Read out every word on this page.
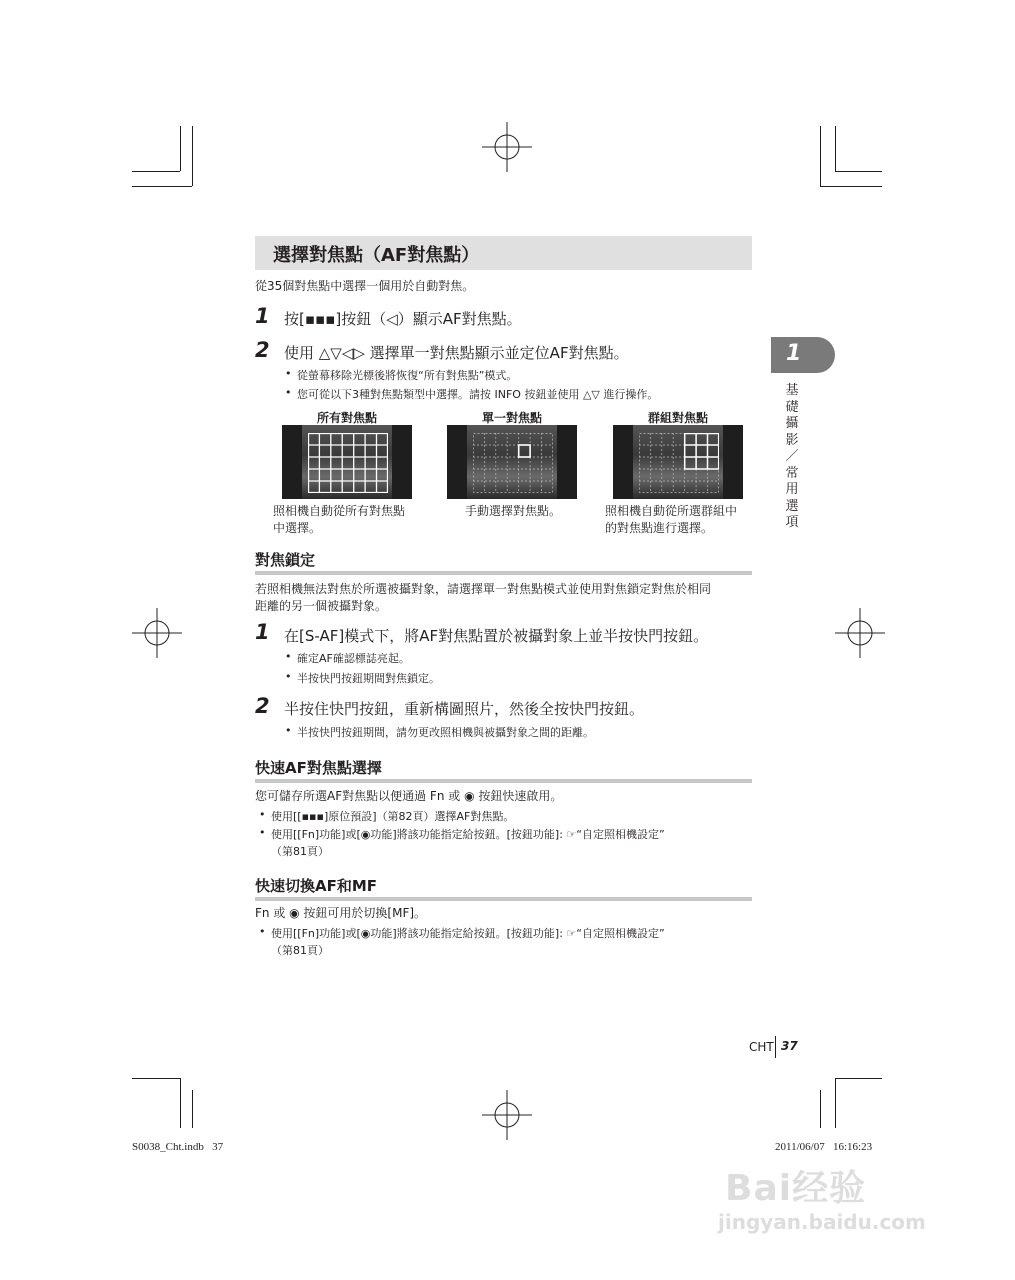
選擇對焦點（AF對焦點）
從35個對焦點中選擇一個用於自動對焦。
1 按[▪▪▪]按鈕（◁）顯示AF對焦點。
2 使用 △▽◁▷ 選擇單一對焦點顯示並定位AF對焦點。
• 從螢幕移除光標後將恢復“所有對焦點”模式。
• 您可從以下3種對焦點類型中選擇。請按 INFO 按鈕並使用 △▽ 進行操作。
所有對焦點
照相機自動從所有對焦點
中選擇。
單一對焦點
手動選擇對焦點。
群組對焦點
照相機自動從所選群組中
的對焦點進行選擇。
對焦鎖定
若照相機無法對焦於所選被攝對象，請選擇單一對焦點模式並使用對焦鎖定對焦於相同
距離的另一個被攝對象。
1 在[S-AF]模式下，將AF對焦點置於被攝對象上並半按快門按鈕。
• 確定AF確認標誌亮起。
• 半按快門按鈕期間對焦鎖定。
2 半按住快門按鈕，重新構圖照片，然後全按快門按鈕。
• 半按快門按鈕期間，請勿更改照相機與被攝對象之間的距離。
快速AF對焦點選擇
您可儲存所選AF對焦點以便通過 Fn 或 ◉ 按鈕快速啟用。
• 使用[[▪▪▪]原位預設]（第82頁）選擇AF對焦點。
• 使用[[Fn]功能]或[◉功能]將該功能指定給按鈕。[按鈕功能]: ☞“自定照相機設定”
（第81頁）
快速切換AF和MF
Fn 或 ◉ 按鈕可用於切換[MF]。
• 使用[[Fn]功能]或[◉功能]將該功能指定給按鈕。[按鈕功能]: ☞“自定照相機設定”
（第81頁）
1
基礎攝影／常用選項
CHT 37
S0038_Cht.indb   37	2011/06/07   16:16:23
Bai经验
jingyan.baidu.com
